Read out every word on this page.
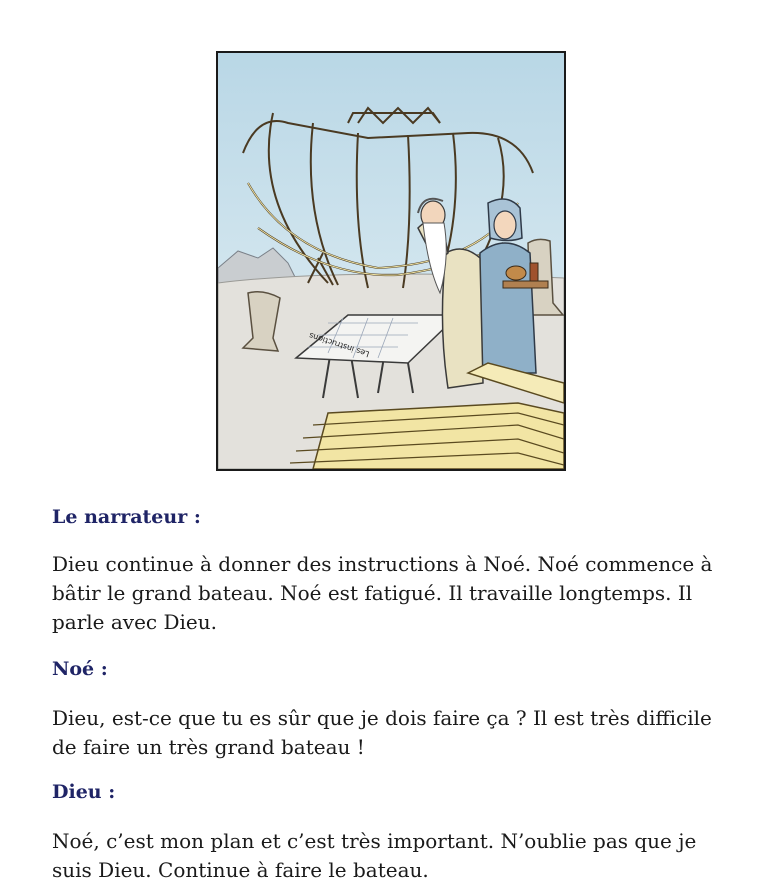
Les instructions

Le narrateur :

Dieu continue à donner des instructions à Noé. Noé commence à bâtir le grand bateau. Noé est fatigué. Il travaille longtemps. Il parle avec Dieu.

Noé :

Dieu, est-ce que tu es sûr que je dois faire ça ? Il est très difficile de faire un très grand bateau !

Dieu :

Noé, c’est mon plan et c’est très important. N’oublie pas que je suis Dieu. Continue à faire le bateau.
